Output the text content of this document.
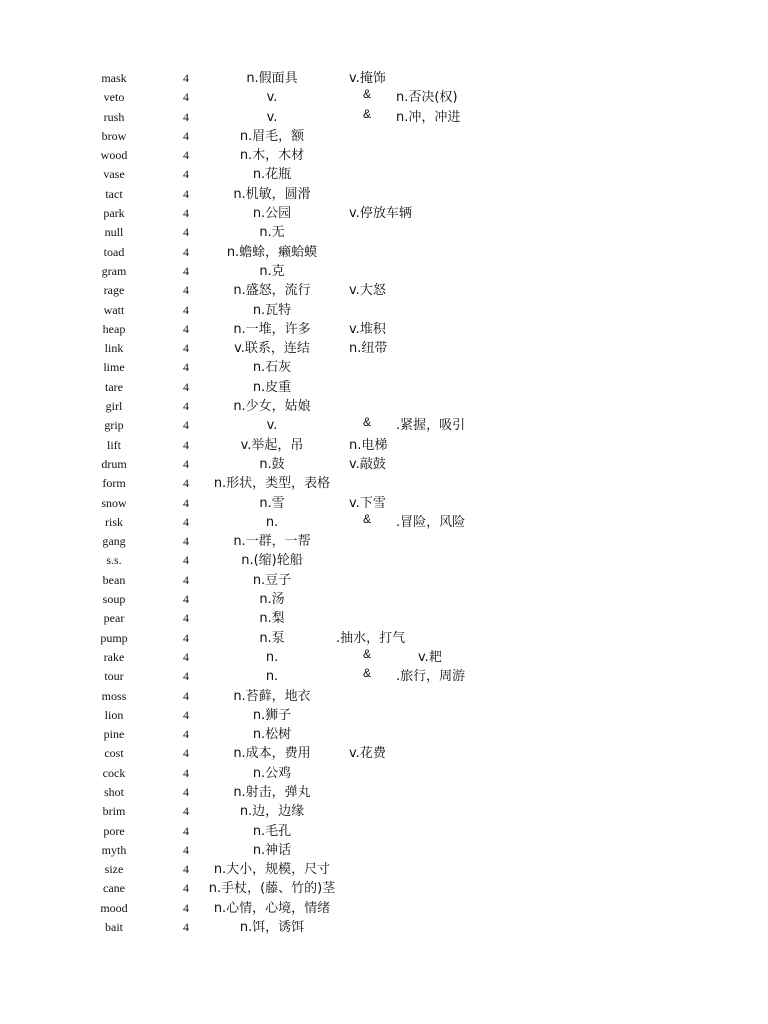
mask	4	n.假面具	v.掩饰
veto	4	v.	& n.否决(权)
rush	4	v.	& n.冲，冲进
brow	4	n.眉毛，额
wood	4	n.木，木材
vase	4	n.花瓶
tact	4	n.机敏，圆滑
park	4	n.公园	v.停放车辆
null	4	n.无
toad	4	n.蟾蜍，癞蛤蟆
gram	4	n.克
rage	4	n.盛怒，流行	v.大怒
watt	4	n.瓦特
heap	4	n.一堆，许多	v.堆积
link	4	v.联系，连结	n.纽带
lime	4	n.石灰
tare	4	n.皮重
girl	4	n.少女，姑娘
grip	4	v.	& .紧握，吸引
lift	4	v.举起，吊	n.电梯
drum	4	n.鼓	v.敲鼓
form	4	n.形状，类型，表格
snow	4	n.雪	v.下雪
risk	4	n.	& .冒险，风险
gang	4	n.一群，一帮
s.s.	4	n.(缩)轮船
bean	4	n.豆子
soup	4	n.汤
pear	4	n.梨
pump	4	n.泵	.抽水，打气
rake	4	n.	&	v.耙
tour	4	n.	& .旅行，周游
moss	4	n.苔藓，地衣
lion	4	n.狮子
pine	4	n.松树
cost	4	n.成本，费用	v.花费
cock	4	n.公鸡
shot	4	n.射击，弹丸
brim	4	n.边，边缘
pore	4	n.毛孔
myth	4	n.神话
size	4	n.大小，规模，尺寸
cane	4	n.手杖，(藤、竹的)茎
mood	4	n.心情，心境，情绪
bait	4	n.饵，诱饵
